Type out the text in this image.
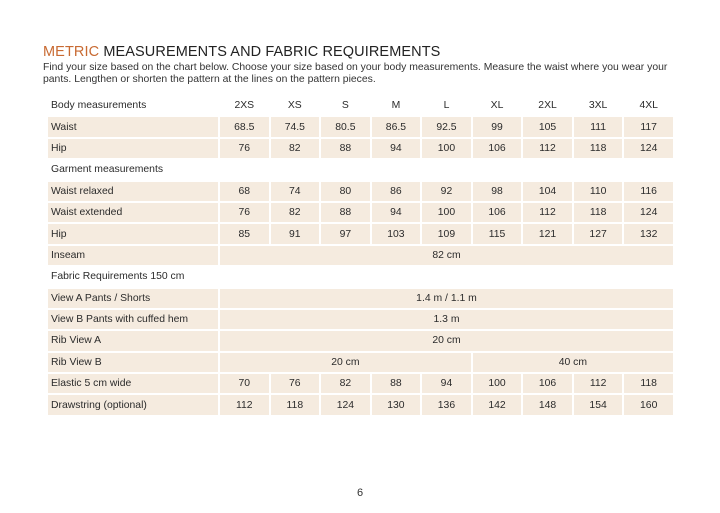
METRIC MEASUREMENTS AND FABRIC REQUIREMENTS
Find your size based on the chart below. Choose your size based on your body measurements. Measure the waist where you wear your pants. Lengthen or shorten the pattern at the lines on the pattern pieces.
Body measurements	2XS	XS	S	M	L	XL	2XL	3XL	4XL
Waist	68.5	74.5	80.5	86.5	92.5	99	105	111	117
Hip	76	82	88	94	100	106	112	118	124
Garment measurements									
Waist relaxed	68	74	80	86	92	98	104	110	116
Waist extended	76	82	88	94	100	106	112	118	124
Hip	85	91	97	103	109	115	121	127	132
Inseam	82 cm								
Fabric Requirements 150 cm									
View A Pants / Shorts	1.4 m / 1.1 m								
View B Pants with cuffed hem	1.3 m								
Rib View A	20 cm								
Rib View B	20 cm					40 cm			
Elastic 5 cm wide	70	76	82	88	94	100	106	112	118
Drawstring (optional)	112	118	124	130	136	142	148	154	160
6
